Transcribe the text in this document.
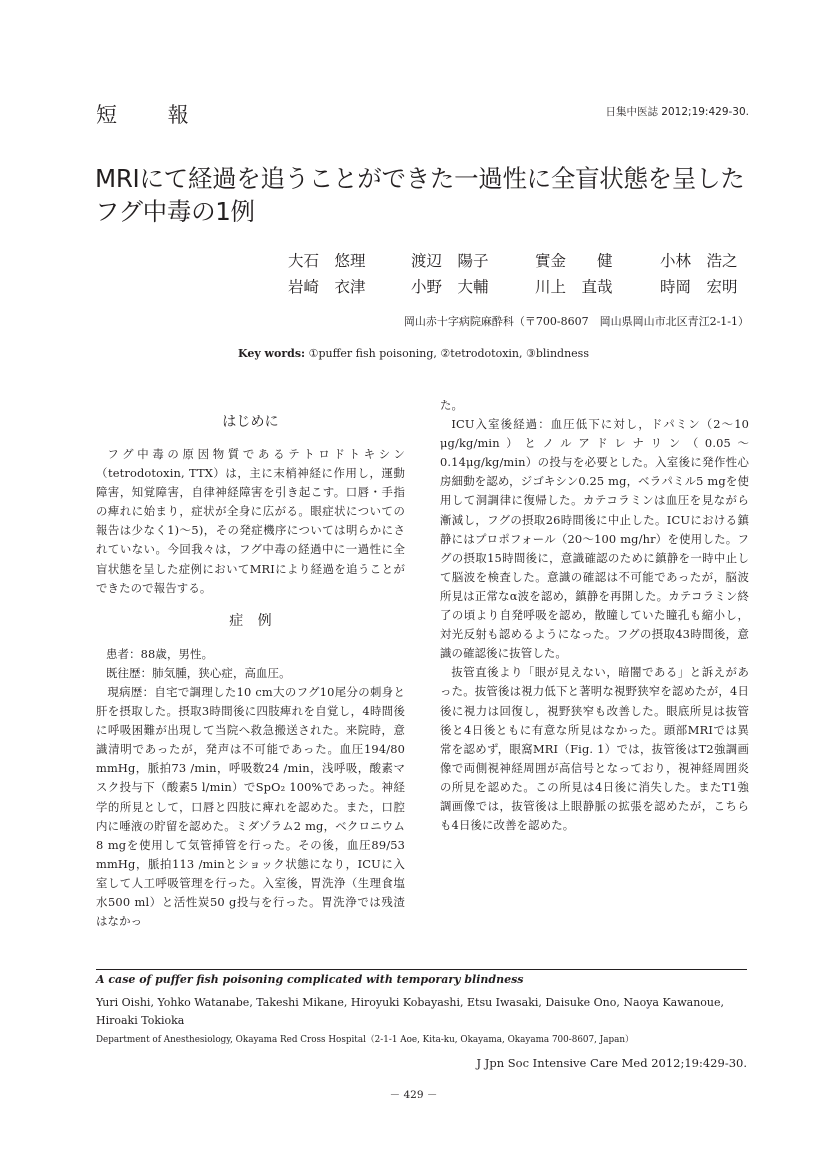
短 報	日集中医誌 2012;19:429-30.
MRIにて経過を追うことができた一過性に全盲状態を呈したフグ中毒の1例
大石　悠理	渡辺　陽子	實金　　健	小林　浩之
岩崎　衣津	小野　大輔	川上　直哉	時岡　宏明
岡山赤十字病院麻酔科（〒700-8607　岡山県岡山市北区青江2-1-1）
Key words: ①puffer fish poisoning, ②tetrodotoxin, ③blindness
はじめに

フグ中毒の原因物質であるテトロドトキシン（tetrodotoxin, TTX）は，主に末梢神経に作用し，運動障害，知覚障害，自律神経障害を引き起こす。口唇・手指の痺れに始まり，症状が全身に広がる。眼症状についての報告は少なく1)～5)，その発症機序については明らかにされていない。今回我々は，フグ中毒の経過中に一過性に全盲状態を呈した症例においてMRIにより経過を追うことができたので報告する。

症　例

患者：88歳，男性。

既往歴：肺気腫，狭心症，高血圧。

現病歴：自宅で調理した10 cm大のフグ10尾分の刺身と肝を摂取した。摂取3時間後に四肢痺れを自覚し，4時間後に呼吸困難が出現して当院へ救急搬送された。来院時，意識清明であったが，発声は不可能であった。血圧194/80 mmHg，脈拍73 /min，呼吸数24 /min，浅呼吸，酸素マスク投与下（酸素5 l/min）でSpO₂ 100%であった。神経学的所見として，口唇と四肢に痺れを認めた。また，口腔内に唾液の貯留を認めた。ミダゾラム2 mg，ベクロニウム8 mgを使用して気管挿管を行った。その後，血圧89/53 mmHg，脈拍113 /minとショック状態になり，ICUに入室して人工呼吸管理を行った。入室後，胃洗浄（生理食塩水500 ml）と活性炭50 g投与を行った。胃洗浄では残渣はなかっ

た。

ICU入室後経過：血圧低下に対し，ドパミン（2～10 μg/kg/min）とノルアドレナリン（0.05～0.14μg/kg/min）の投与を必要とした。入室後に発作性心房細動を認め，ジゴキシン0.25 mg，ベラパミル5 mgを使用して洞調律に復帰した。カテコラミンは血圧を見ながら漸減し，フグの摂取26時間後に中止した。ICUにおける鎮静にはプロポフォール（20～100 mg/hr）を使用した。フグの摂取15時間後に，意識確認のために鎮静を一時中止して脳波を検査した。意識の確認は不可能であったが，脳波所見は正常なα波を認め，鎮静を再開した。カテコラミン終了の頃より自発呼吸を認め，散瞳していた瞳孔も縮小し，対光反射も認めるようになった。フグの摂取43時間後，意識の確認後に抜管した。

抜管直後より「眼が見えない，暗闇である」と訴えがあった。抜管後は視力低下と著明な視野狭窄を認めたが，4日後に視力は回復し，視野狭窄も改善した。眼底所見は抜管後と4日後ともに有意な所見はなかった。頭部MRIでは異常を認めず，眼窩MRI（Fig. 1）では，抜管後はT2強調画像で両側視神経周囲が高信号となっており，視神経周囲炎の所見を認めた。この所見は4日後に消失した。またT1強調画像では，抜管後は上眼静脈の拡張を認めたが，こちらも4日後に改善を認めた。

A case of puffer fish poisoning complicated with temporary blindness
Yuri Oishi, Yohko Watanabe, Takeshi Mikane, Hiroyuki Kobayashi, Etsu Iwasaki, Daisuke Ono, Naoya Kawanoue, Hiroaki Tokioka
Department of Anesthesiology, Okayama Red Cross Hospital（2-1-1 Aoe, Kita-ku, Okayama, Okayama 700-8607, Japan）
J Jpn Soc Intensive Care Med 2012;19:429-30.
－ 429 －
